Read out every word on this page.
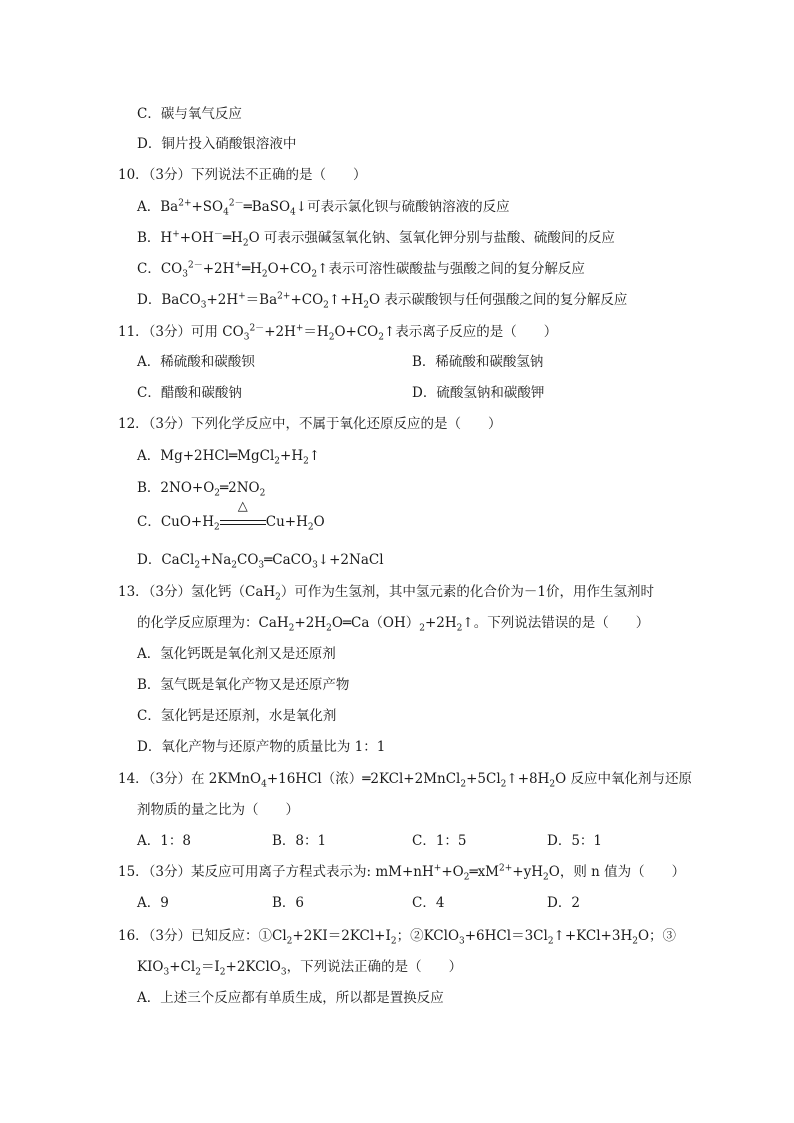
C．碳与氧气反应
D．铜片投入硝酸银溶液中
10．（3分）下列说法不正确的是（　　）
A．$Ba^{2+}+SO_4^{2-}═BaSO_4↓$可表示氯化钡与硫酸钠溶液的反应
B．$H^++OH^-═H_2O$ 可表示强碱氢氧化钠、氢氧化钾分别与盐酸、硫酸间的反应
C．$CO_3^{2-}+2H^+═H_2O+CO_2↑$表示可溶性碳酸盐与强酸之间的复分解反应
D．$BaCO_3+2H^+=Ba^{2+}+CO_2↑+H_2O$ 表示碳酸钡与任何强酸之间的复分解反应
11．（3分）可用 $CO_3^{2-}+2H^+=H_2O+CO_2↑$表示离子反应的是（　　）
A．稀硫酸和碳酸钡	B．稀硫酸和碳酸氢钠
C．醋酸和碳酸钠	D．硫酸氢钠和碳酸钾
12．（3分）下列化学反应中，不属于氧化还原反应的是（　　）
A．$Mg+2HCl═MgCl_2+H_2↑$
B．$2NO+O_2═2NO_2$
C．$CuO+H_2$
△
$Cu+H_2O$
D．$CaCl_2+Na_2CO_3═CaCO_3↓+2NaCl$
13．（3分）氢化钙（CaH$_2$）可作为生氢剂，其中氢元素的化合价为－1价，用作生氢剂时
的化学反应原理为：$CaH_2+2H_2O═Ca(OH)_2+2H_2↑$。下列说法错误的是（　　）
A．氢化钙既是氧化剂又是还原剂
B．氢气既是氧化产物又是还原产物
C．氢化钙是还原剂，水是氧化剂
D．氧化产物与还原产物的质量比为 1：1
14．（3分）在 2KMnO$_4$+16HCl（浓）$═2KCl+2MnCl_2+5Cl_2↑+8H_2O$ 反应中氧化剂与还原
剂物质的量之比为（　　）
A．1：8	B．8：1	C．1：5	D．5：1
15．（3分）某反应可用离子方程式表示为: $mM+nH^++O_2═xM^{2+}+yH_2O$，则 n 值为（　　）
A．9	B．6	C．4	D．2
16．（3分）已知反应：$①Cl_2+2KI=2KCl+I_2$；$②KClO_3+6HCl=3Cl_2↑+KCl+3H_2O$；③
$KIO_3+Cl_2=I_2+2KClO_3$，下列说法正确的是（　　）
A．上述三个反应都有单质生成，所以都是置换反应
